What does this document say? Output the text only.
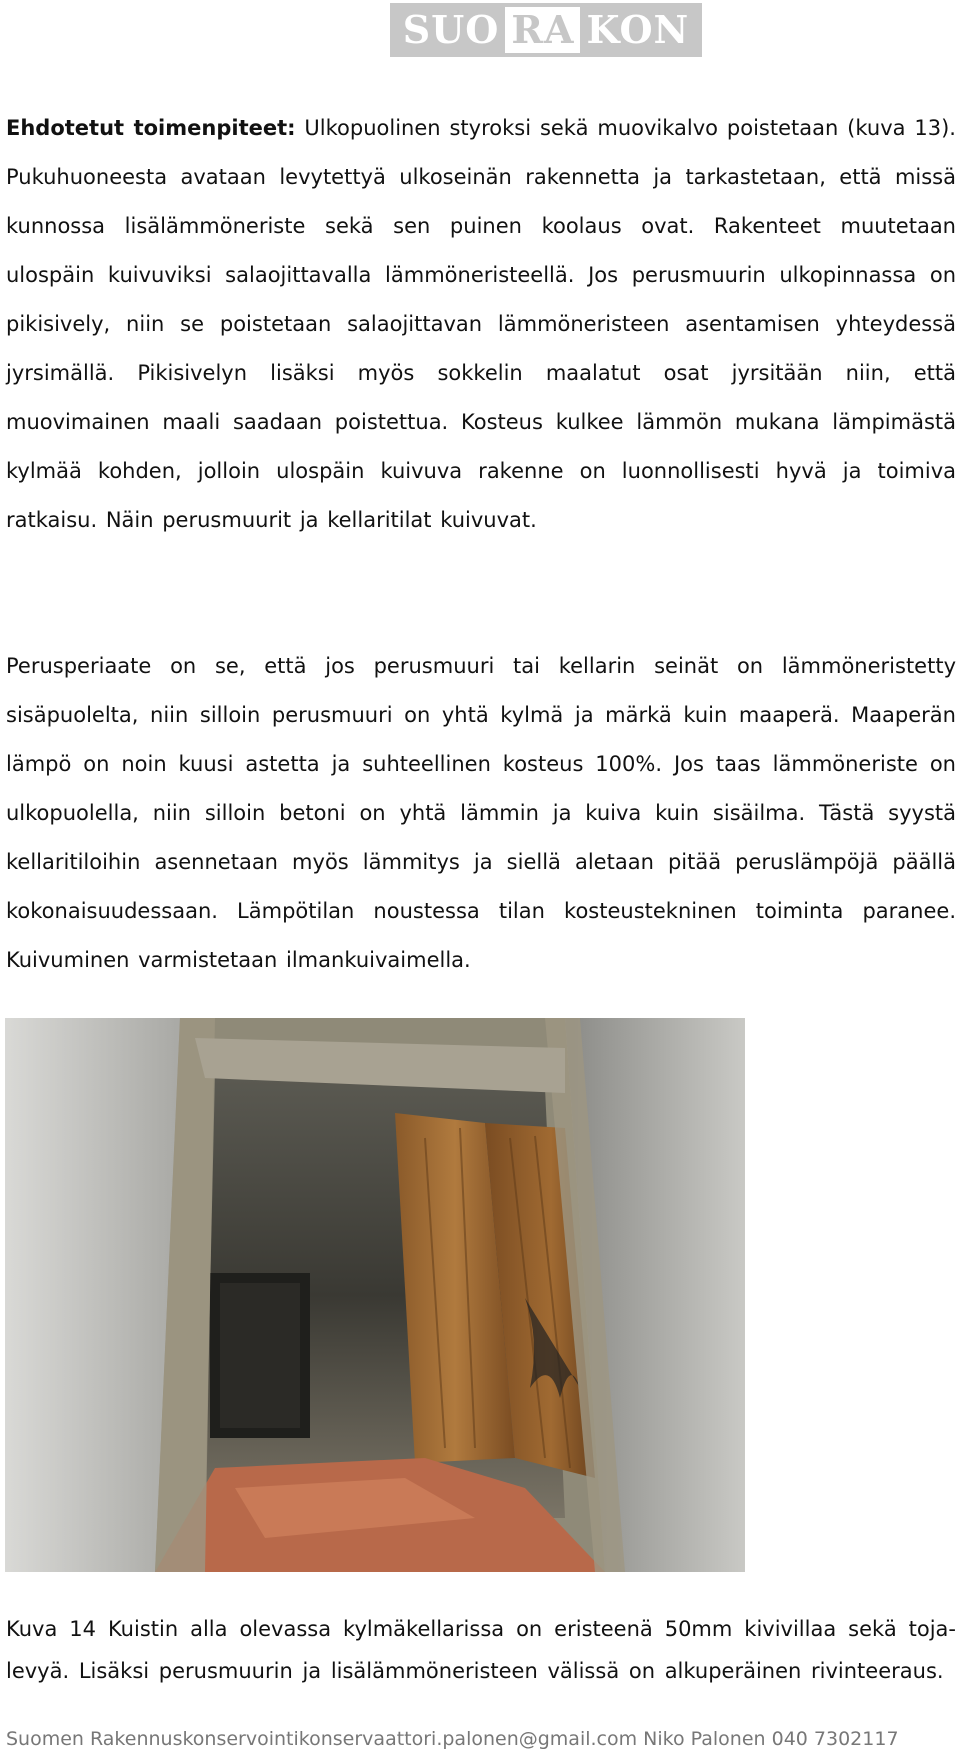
SUO RA KON

Ehdotetut toimenpiteet: Ulkopuolinen styroksi sekä muovikalvo poistetaan (kuva 13). Pukuhuoneesta avataan levytettyä ulkoseinän rakennetta ja tarkastetaan, että missä kunnossa lisälämmöneriste sekä sen puinen koolaus ovat. Rakenteet muutetaan ulospäin kuivuviksi salaojittavalla lämmöneristeellä. Jos perusmuurin ulkopinnassa on pikisively, niin se poistetaan salaojittavan lämmöneristeen asentamisen yhteydessä jyrsimällä. Pikisivelyn lisäksi myös sokkelin maalatut osat jyrsitään niin, että muovimainen maali saadaan poistettua. Kosteus kulkee lämmön mukana lämpimästä kylmää kohden, jolloin ulospäin kuivuva rakenne on luonnollisesti hyvä ja toimiva ratkaisu. Näin perusmuurit ja kellaritilat kuivuvat.

Perusperiaate on se, että jos perusmuuri tai kellarin seinät on lämmöneristetty sisäpuolelta, niin silloin perusmuuri on yhtä kylmä ja märkä kuin maaperä. Maaperän lämpö on noin kuusi astetta ja suhteellinen kosteus 100%. Jos taas lämmöneriste on ulkopuolella, niin silloin betoni on yhtä lämmin ja kuiva kuin sisäilma. Tästä syystä kellaritiloihin asennetaan myös lämmitys ja siellä aletaan pitää peruslämpöjä päällä kokonaisuudessaan. Lämpötilan noustessa tilan kosteustekninen toiminta paranee. Kuivuminen varmistetaan ilmankuivaimella.

Kuva 14 Kuistin alla olevassa kylmäkellarissa on eristeenä 50mm kivivillaa sekä toja-levyä. Lisäksi perusmuurin ja lisälämmöneristeen välissä on alkuperäinen rivinteeraus.

Suomen Rakennuskonservointikonservaattori.palonen@gmail.com Niko Palonen 040 7302117
